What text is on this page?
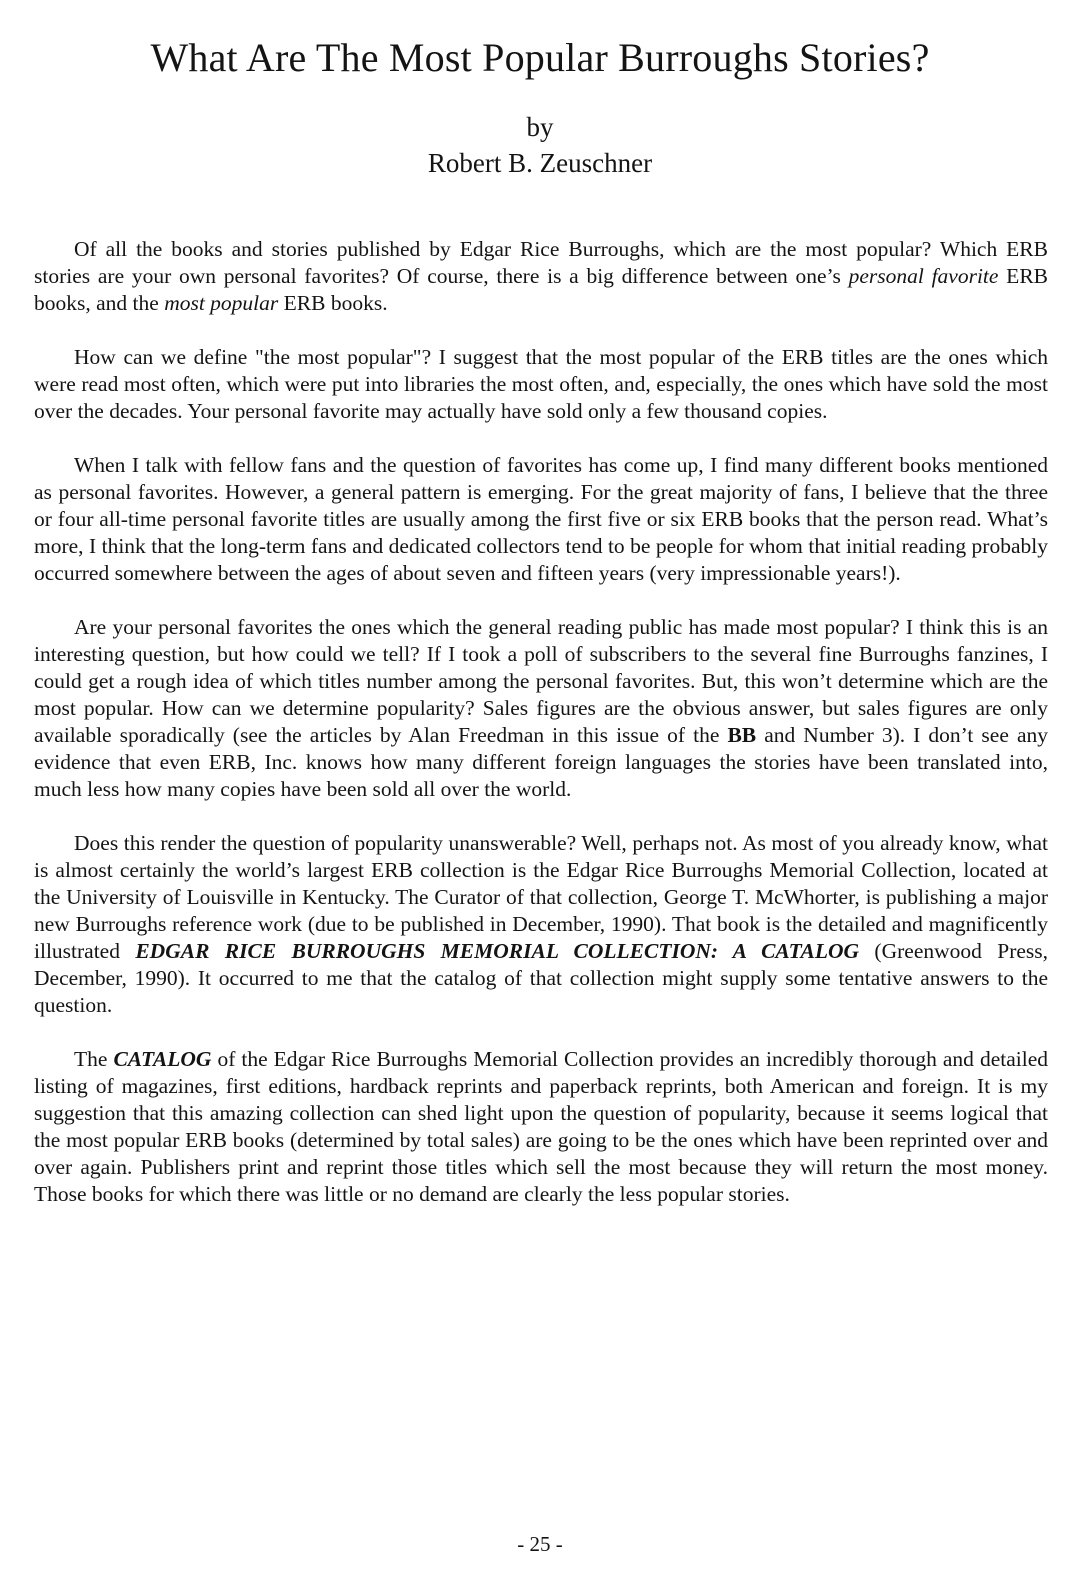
What Are The Most Popular Burroughs Stories?
by
Robert B. Zeuschner

Of all the books and stories published by Edgar Rice Burroughs, which are the most popular? Which ERB stories are your own personal favorites? Of course, there is a big difference between one’s personal favorite ERB books, and the most popular ERB books.

How can we define "the most popular"? I suggest that the most popular of the ERB titles are the ones which were read most often, which were put into libraries the most often, and, especially, the ones which have sold the most over the decades. Your personal favorite may actually have sold only a few thousand copies.

When I talk with fellow fans and the question of favorites has come up, I find many different books mentioned as personal favorites. However, a general pattern is emerging. For the great majority of fans, I believe that the three or four all-time personal favorite titles are usually among the first five or six ERB books that the person read. What’s more, I think that the long-term fans and dedicated collectors tend to be people for whom that initial reading probably occurred somewhere between the ages of about seven and fifteen years (very impressionable years!).

Are your personal favorites the ones which the general reading public has made most popular? I think this is an interesting question, but how could we tell? If I took a poll of subscribers to the several fine Burroughs fanzines, I could get a rough idea of which titles number among the personal favorites. But, this won’t determine which are the most popular. How can we determine popularity? Sales figures are the obvious answer, but sales figures are only available sporadically (see the articles by Alan Freedman in this issue of the BB and Number 3). I don’t see any evidence that even ERB, Inc. knows how many different foreign languages the stories have been translated into, much less how many copies have been sold all over the world.

Does this render the question of popularity unanswerable? Well, perhaps not. As most of you already know, what is almost certainly the world’s largest ERB collection is the Edgar Rice Burroughs Memorial Collection, located at the University of Louisville in Kentucky. The Curator of that collection, George T. McWhorter, is publishing a major new Burroughs reference work (due to be published in December, 1990). That book is the detailed and magnificently illustrated EDGAR RICE BURROUGHS MEMORIAL COLLECTION: A CATALOG (Greenwood Press, December, 1990). It occurred to me that the catalog of that collection might supply some tentative answers to the question.

The CATALOG of the Edgar Rice Burroughs Memorial Collection provides an incredibly thorough and detailed listing of magazines, first editions, hardback reprints and paperback reprints, both American and foreign. It is my suggestion that this amazing collection can shed light upon the question of popularity, because it seems logical that the most popular ERB books (determined by total sales) are going to be the ones which have been reprinted over and over again. Publishers print and reprint those titles which sell the most because they will return the most money. Those books for which there was little or no demand are clearly the less popular stories.

- 25 -
